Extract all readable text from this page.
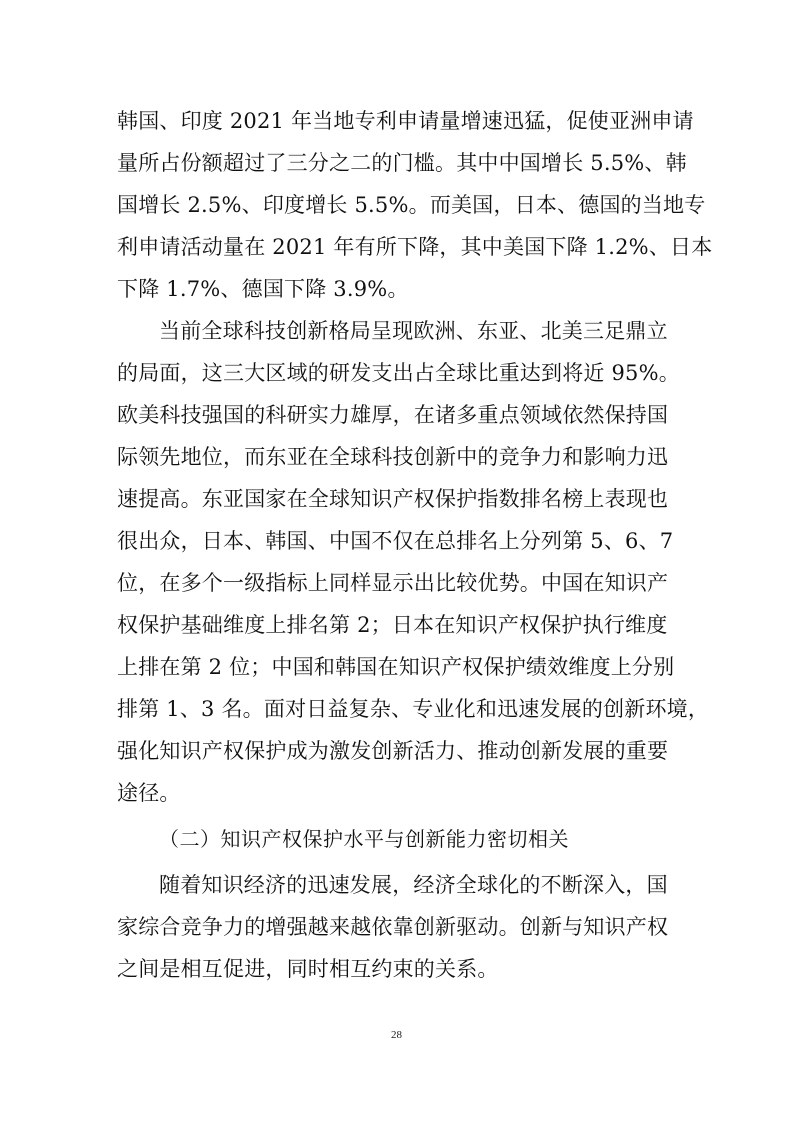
韩国、印度 2021 年当地专利申请量增速迅猛，促使亚洲申请
量所占份额超过了三分之二的门槛。其中中国增长 5.5%、韩
国增长 2.5%、印度增长 5.5%。而美国，日本、德国的当地专
利申请活动量在 2021 年有所下降，其中美国下降 1.2%、日本
下降 1.7%、德国下降 3.9%。
当前全球科技创新格局呈现欧洲、东亚、北美三足鼎立
的局面，这三大区域的研发支出占全球比重达到将近 95%。
欧美科技强国的科研实力雄厚，在诸多重点领域依然保持国
际领先地位，而东亚在全球科技创新中的竞争力和影响力迅
速提高。东亚国家在全球知识产权保护指数排名榜上表现也
很出众，日本、韩国、中国不仅在总排名上分列第 5、6、7
位，在多个一级指标上同样显示出比较优势。中国在知识产
权保护基础维度上排名第 2；日本在知识产权保护执行维度
上排在第 2 位；中国和韩国在知识产权保护绩效维度上分别
排第 1、3 名。面对日益复杂、专业化和迅速发展的创新环境，
强化知识产权保护成为激发创新活力、推动创新发展的重要
途径。
（二）知识产权保护水平与创新能力密切相关
随着知识经济的迅速发展，经济全球化的不断深入，国
家综合竞争力的增强越来越依靠创新驱动。创新与知识产权
之间是相互促进，同时相互约束的关系。
28
